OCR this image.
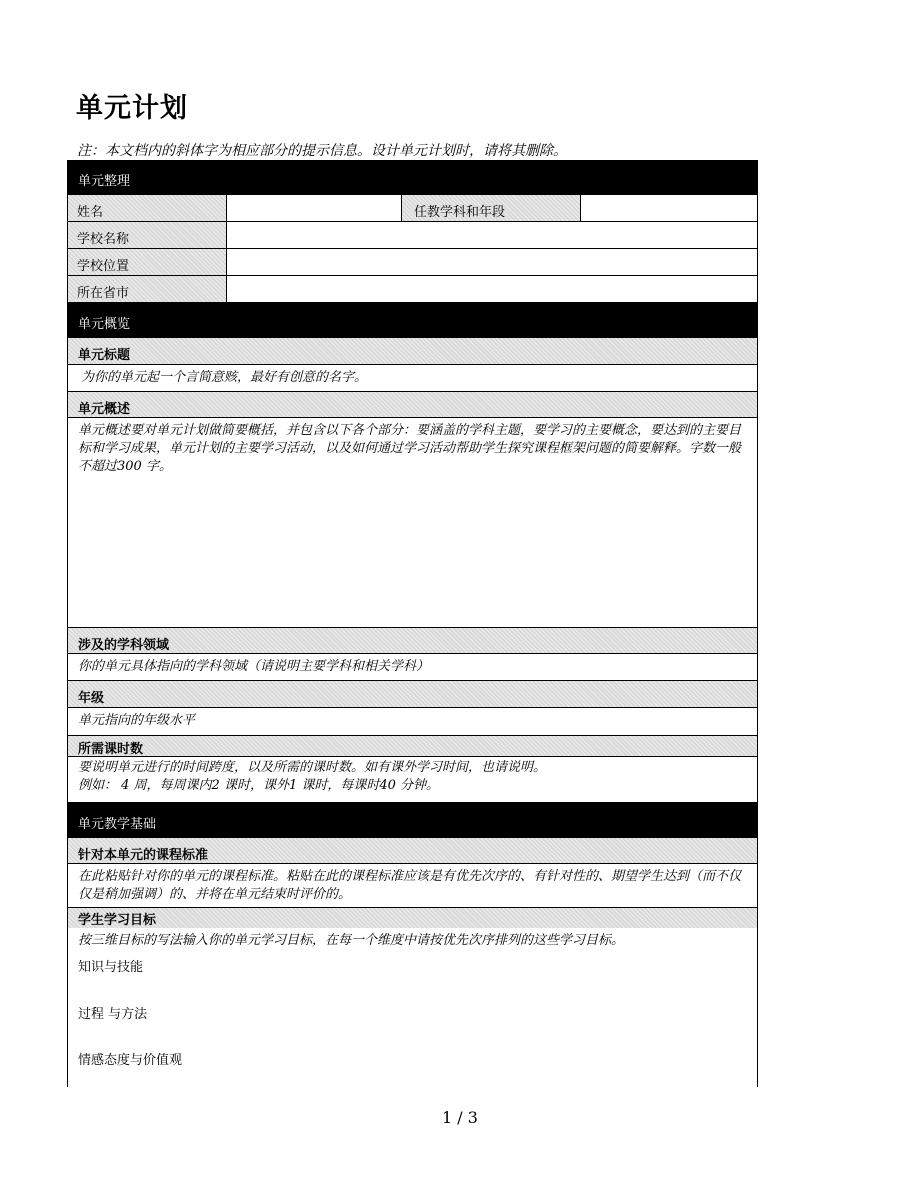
单元计划
注：本文档内的斜体字为相应部分的提示信息。设计单元计划时，请将其删除。
单元整理
姓名	任教学科和年段
学校名称
学校位置
所在省市
单元概览
单元标题
为你的单元起一个言简意赅，最好有创意的名字。
单元概述
单元概述要对单元计划做简要概括，并包含以下各个部分：要涵盖的学科主题，要学习的主要概念，要达到的主要目标和学习成果，单元计划的主要学习活动，以及如何通过学习活动帮助学生探究课程框架问题的简要解释。字数一般不超过300 字。
涉及的学科领域
你的单元具体指向的学科领域（请说明主要学科和相关学科）
年级
单元指向的年级水平
所需课时数
要说明单元进行的时间跨度，以及所需的课时数。如有课外学习时间，也请说明。
例如： 4 周，每周课内2 课时，课外1 课时，每课时40 分钟。
单元教学基础
针对本单元的课程标准
在此粘贴针对你的单元的课程标准。粘贴在此的课程标准应该是有优先次序的、有针对性的、期望学生达到（而不仅仅是稍加强调）的、并将在单元结束时评价的。
学生学习目标
按三维目标的写法输入你的单元学习目标，在每一个维度中请按优先次序排列的这些学习目标。
知识与技能
过程 与方法
情感态度与价值观
1 / 3
